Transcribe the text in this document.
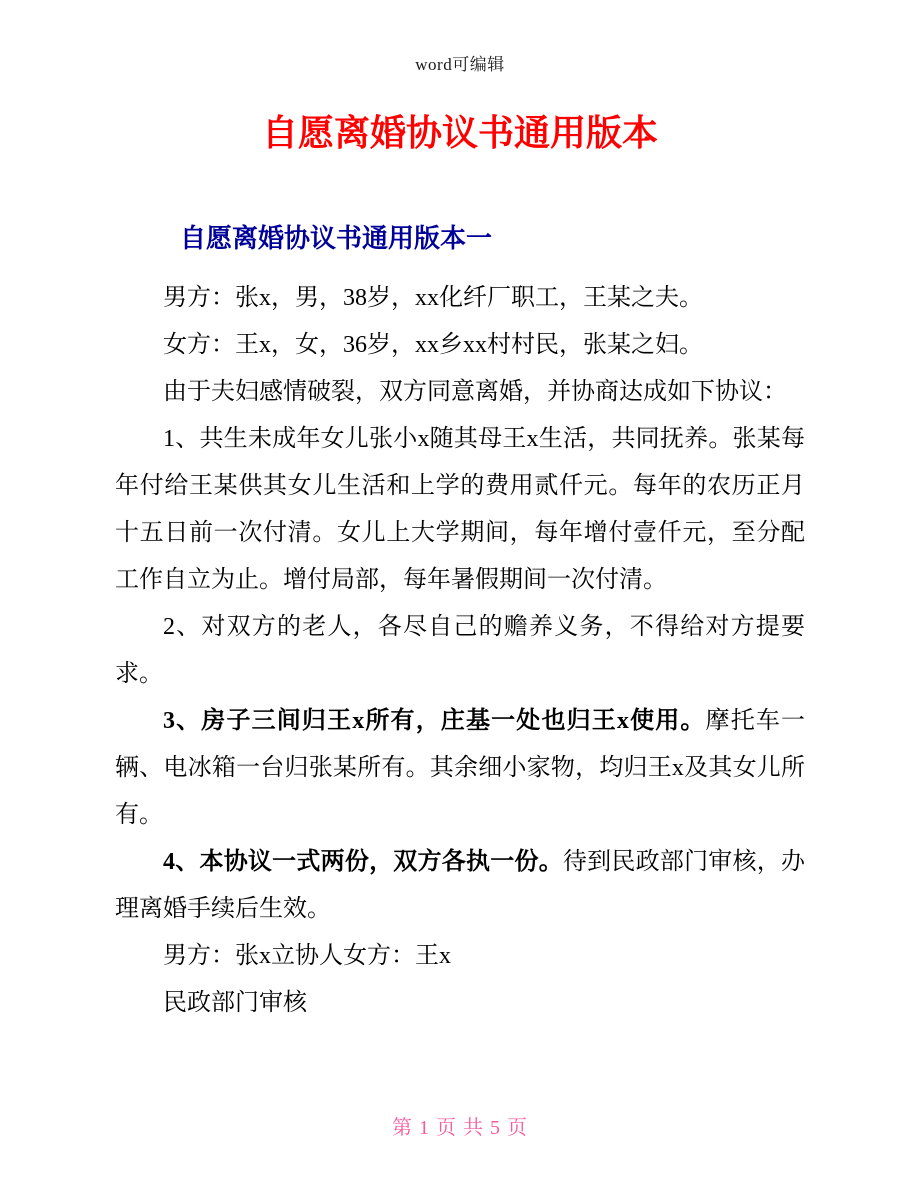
word可编辑
自愿离婚协议书通用版本
自愿离婚协议书通用版本一

男方：张x，男，38岁，xx化纤厂职工，王某之夫。

女方：王x，女，36岁，xx乡xx村村民，张某之妇。

由于夫妇感情破裂，双方同意离婚，并协商达成如下协议：

1、共生未成年女儿张小x随其母王x生活，共同抚养。张某每年付给王某供其女儿生活和上学的费用贰仟元。每年的农历正月十五日前一次付清。女儿上大学期间，每年增付壹仟元，至分配工作自立为止。增付局部，每年暑假期间一次付清。

2、对双方的老人，各尽自己的赡养义务，不得给对方提要求。

3、房子三间归王x所有，庄基一处也归王x使用。摩托车一辆、电冰箱一台归张某所有。其余细小家物，均归王x及其女儿所有。

4、本协议一式两份，双方各执一份。待到民政部门审核，办理离婚手续后生效。

男方：张x立协人女方：王x

民政部门审核

第 1 页 共 5 页
